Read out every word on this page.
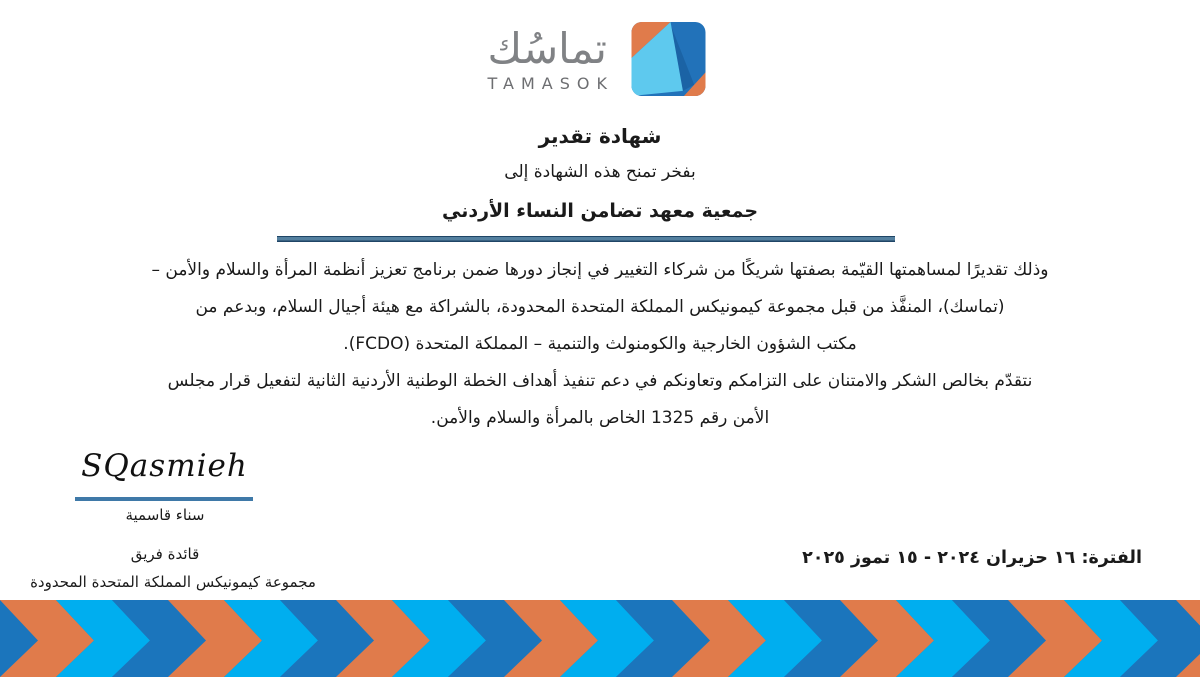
تماسُك
TAMASOK
شهادة تقدير
بفخر تمنح هذه الشهادة إلى
جمعية معهد تضامن النساء الأردني
وذلك تقديرًا لمساهمتها القيّمة بصفتها شريكًا من شركاء التغيير في إنجاز دورها ضمن برنامج تعزيز أنظمة المرأة والسلام والأمن –
(تماسك)، المنفَّذ من قبل مجموعة كيمونيكس المملكة المتحدة المحدودة، بالشراكة مع هيئة أجيال السلام، وبدعم من
مكتب الشؤون الخارجية والكومنولث والتنمية – المملكة المتحدة (FCDO).
نتقدّم بخالص الشكر والامتنان على التزامكم وتعاونكم في دعم تنفيذ أهداف الخطة الوطنية الأردنية الثانية لتفعيل قرار مجلس
الأمن رقم 1325 الخاص بالمرأة والسلام والأمن.
SQasmieh
سناء قاسمية
قائدة فريق
مجموعة كيمونيكس المملكة المتحدة المحدودة
الفترة: ١٦ حزيران ٢٠٢٤ - ١٥ تموز ٢٠٢٥
